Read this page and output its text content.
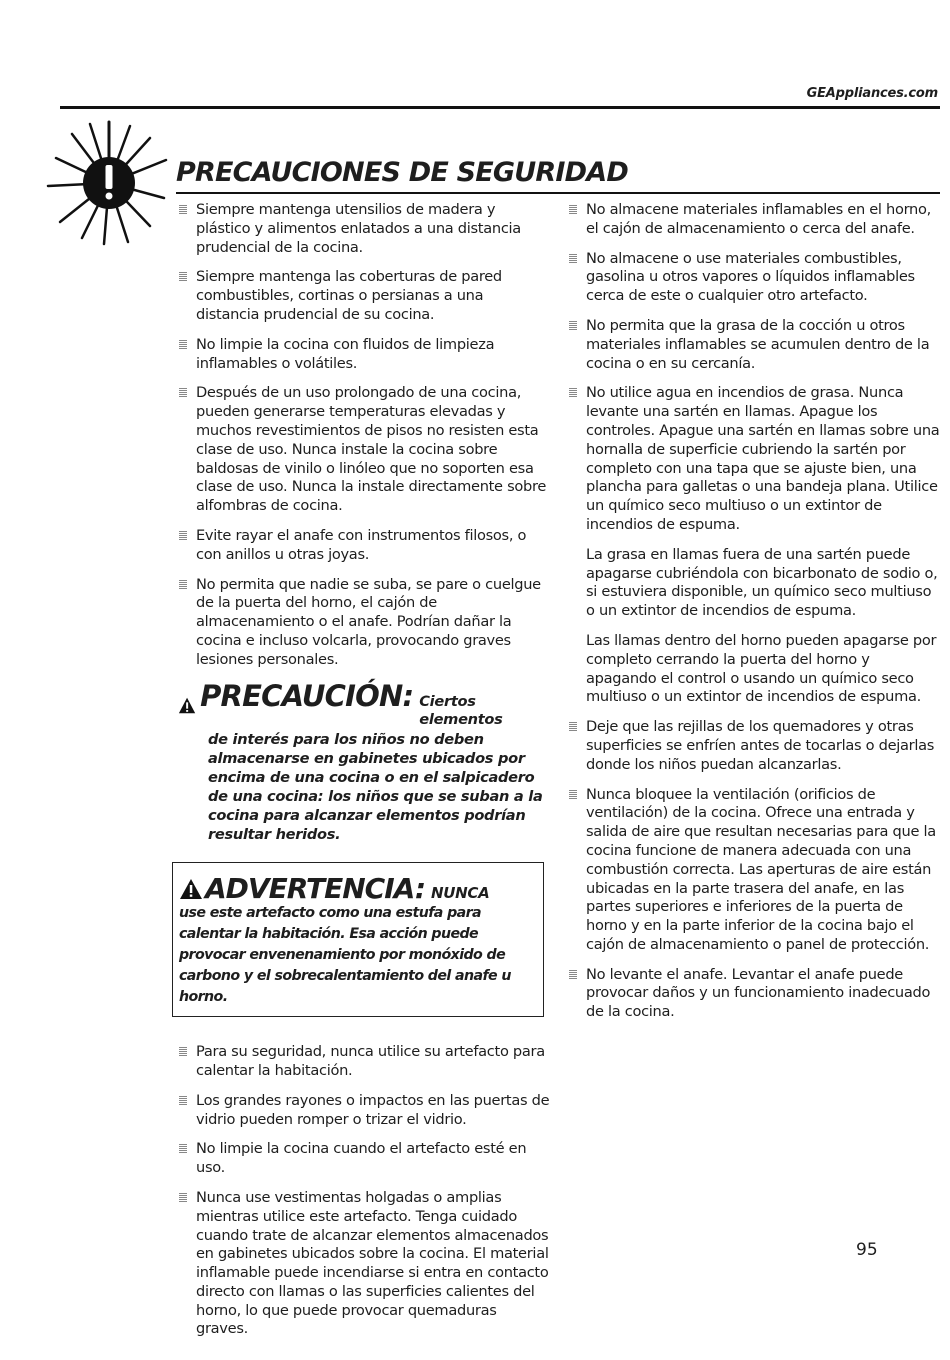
GEAppliances.com
PRECAUCIONES DE SEGURIDAD
Siempre mantenga utensilios de madera y plástico y alimentos enlatados a una distancia prudencial de la cocina.
Siempre mantenga las coberturas de pared combustibles, cortinas o persianas a una distancia prudencial de su cocina.
No limpie la cocina con fluidos de limpieza inflamables o volátiles.
Después de un uso prolongado de una cocina, pueden generarse temperaturas elevadas y muchos revestimientos de pisos no resisten esta clase de uso. Nunca instale la cocina sobre baldosas de vinilo o linóleo que no soporten esa clase de uso. Nunca la instale directamente sobre alfombras de cocina.
Evite rayar el anafe con instrumentos filosos, o con anillos u otras joyas.
No permita que nadie se suba, se pare o cuelgue de la puerta del horno, el cajón de almacenamiento o el anafe. Podrían dañar la cocina e incluso volcarla, provocando graves lesiones personales.
PRECAUCIÓN: Ciertos elementos
de interés para los niños no deben almacenarse en gabinetes ubicados por encima de una cocina o en el salpicadero de una cocina: los niños que se suban a la cocina para alcanzar elementos podrían resultar heridos.
ADVERTENCIA: NUNCA
use este artefacto como una estufa para calentar la habitación. Esa acción puede provocar envenenamiento por monóxido de carbono y el sobrecalentamiento del anafe u horno.
Para su seguridad, nunca utilice su artefacto para calentar la habitación.
Los grandes rayones o impactos en las puertas de vidrio pueden romper o trizar el vidrio.
No limpie la cocina cuando el artefacto esté en uso.
Nunca use vestimentas holgadas o amplias mientras utilice este artefacto. Tenga cuidado cuando trate de alcanzar elementos almacenados en gabinetes ubicados sobre la cocina. El material inflamable puede incendiarse si entra en contacto directo con llamas o las superficies calientes del horno, lo que puede provocar quemaduras graves.
No almacene materiales inflamables en el horno, el cajón de almacenamiento o cerca del anafe.
No almacene o use materiales combustibles, gasolina u otros vapores o líquidos inflamables cerca de este o cualquier otro artefacto.
No permita que la grasa de la cocción u otros materiales inflamables se acumulen dentro de la cocina o en su cercanía.
No utilice agua en incendios de grasa. Nunca levante una sartén en llamas. Apague los controles. Apague una sartén en llamas sobre una hornalla de superficie cubriendo la sartén por completo con una tapa que se ajuste bien, una plancha para galletas o una bandeja plana. Utilice un químico seco multiuso o un extintor de incendios de espuma.
La grasa en llamas fuera de una sartén puede apagarse cubriéndola con bicarbonato de sodio o, si estuviera disponible, un químico seco multiuso o un extintor de incendios de espuma.
Las llamas dentro del horno pueden apagarse por completo cerrando la puerta del horno y apagando el control o usando un químico seco multiuso o un extintor de incendios de espuma.
Deje que las rejillas de los quemadores y otras superficies se enfríen antes de tocarlas o dejarlas donde los niños puedan alcanzarlas.
Nunca bloquee la ventilación (orificios de ventilación) de la cocina. Ofrece una entrada y salida de aire que resultan necesarias para que la cocina funcione de manera adecuada con una combustión correcta. Las aperturas de aire están ubicadas en la parte trasera del anafe, en las partes superiores e inferiores de la puerta de horno y en la parte inferior de la cocina bajo el cajón de almacenamiento o panel de protección.
No levante el anafe. Levantar el anafe puede provocar daños y un funcionamiento inadecuado de la cocina.
95
